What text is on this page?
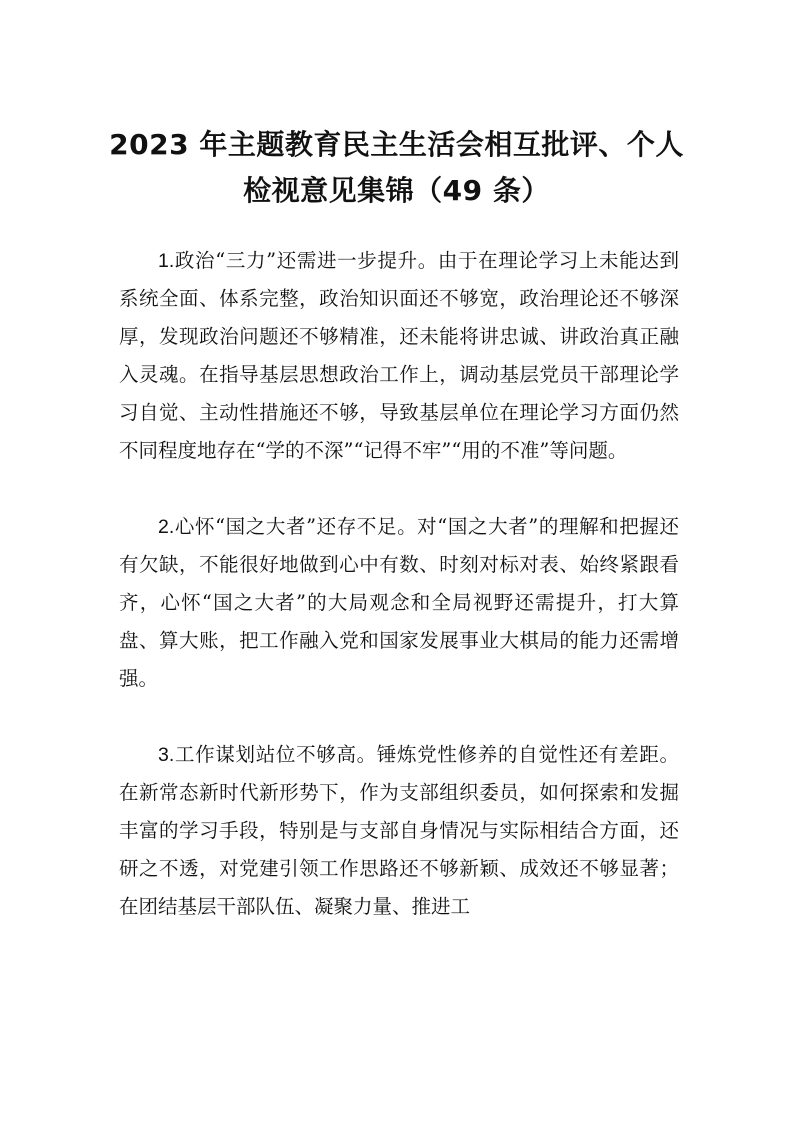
2023 年主题教育民主生活会相互批评、个人
检视意见集锦（49 条）

1.政治“三力”还需进一步提升。由于在理论学习上未能达到系统全面、体系完整，政治知识面还不够宽，政治理论还不够深厚，发现政治问题还不够精准，还未能将讲忠诚、讲政治真正融入灵魂。在指导基层思想政治工作上，调动基层党员干部理论学习自觉、主动性措施还不够，导致基层单位在理论学习方面仍然不同程度地存在“学的不深”“记得不牢”“用的不准”等问题。

2.心怀“国之大者”还存不足。对“国之大者”的理解和把握还有欠缺，不能很好地做到心中有数、时刻对标对表、始终紧跟看齐，心怀“国之大者”的大局观念和全局视野还需提升，打大算盘、算大账，把工作融入党和国家发展事业大棋局的能力还需增强。

3.工作谋划站位不够高。锤炼党性修养的自觉性还有差距。在新常态新时代新形势下，作为支部组织委员，如何探索和发掘丰富的学习手段，特别是与支部自身情况与实际相结合方面，还研之不透，对党建引领工作思路还不够新颖、成效还不够显著；在团结基层干部队伍、凝聚力量、推进工
